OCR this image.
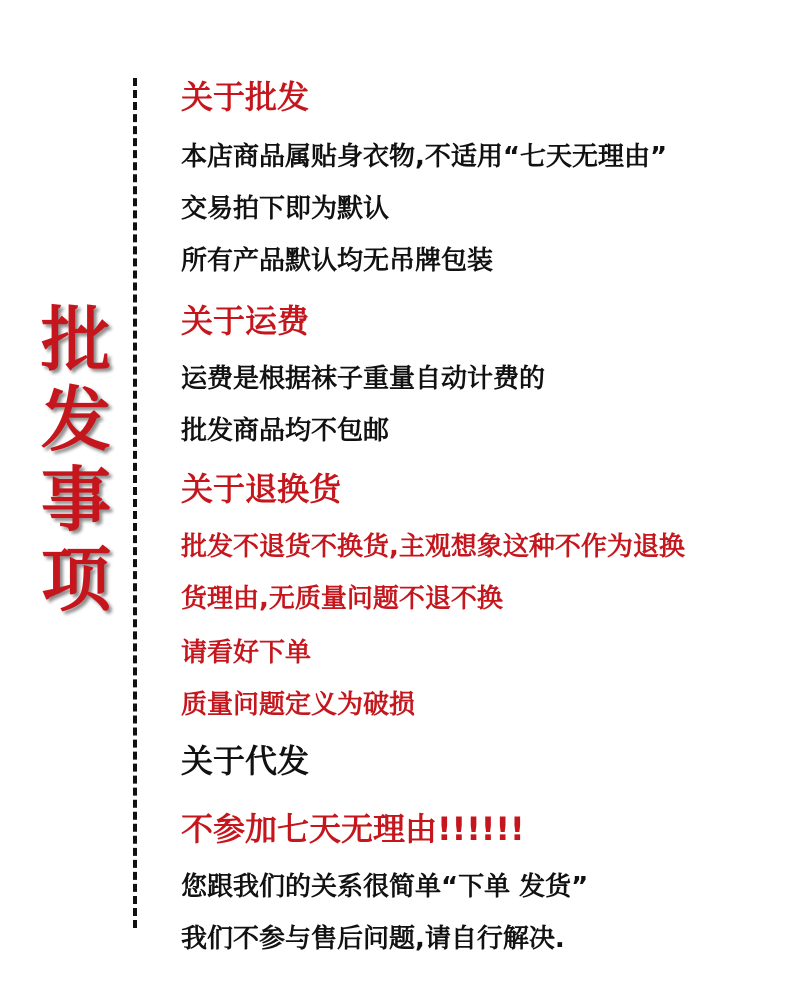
批
发
事
项
关于批发
本店商品属贴身衣物,不适用“七天无理由”
交易拍下即为默认
所有产品默认均无吊牌包装
关于运费
运费是根据袜子重量自动计费的
批发商品均不包邮
关于退换货
批发不退货不换货,主观想象这种不作为退换
货理由,无质量问题不退不换
请看好下单
质量问题定义为破损
关于代发
不参加七天无理由!!!!!!
您跟我们的关系很简单“下单 发货”
我们不参与售后问题,请自行解决.
